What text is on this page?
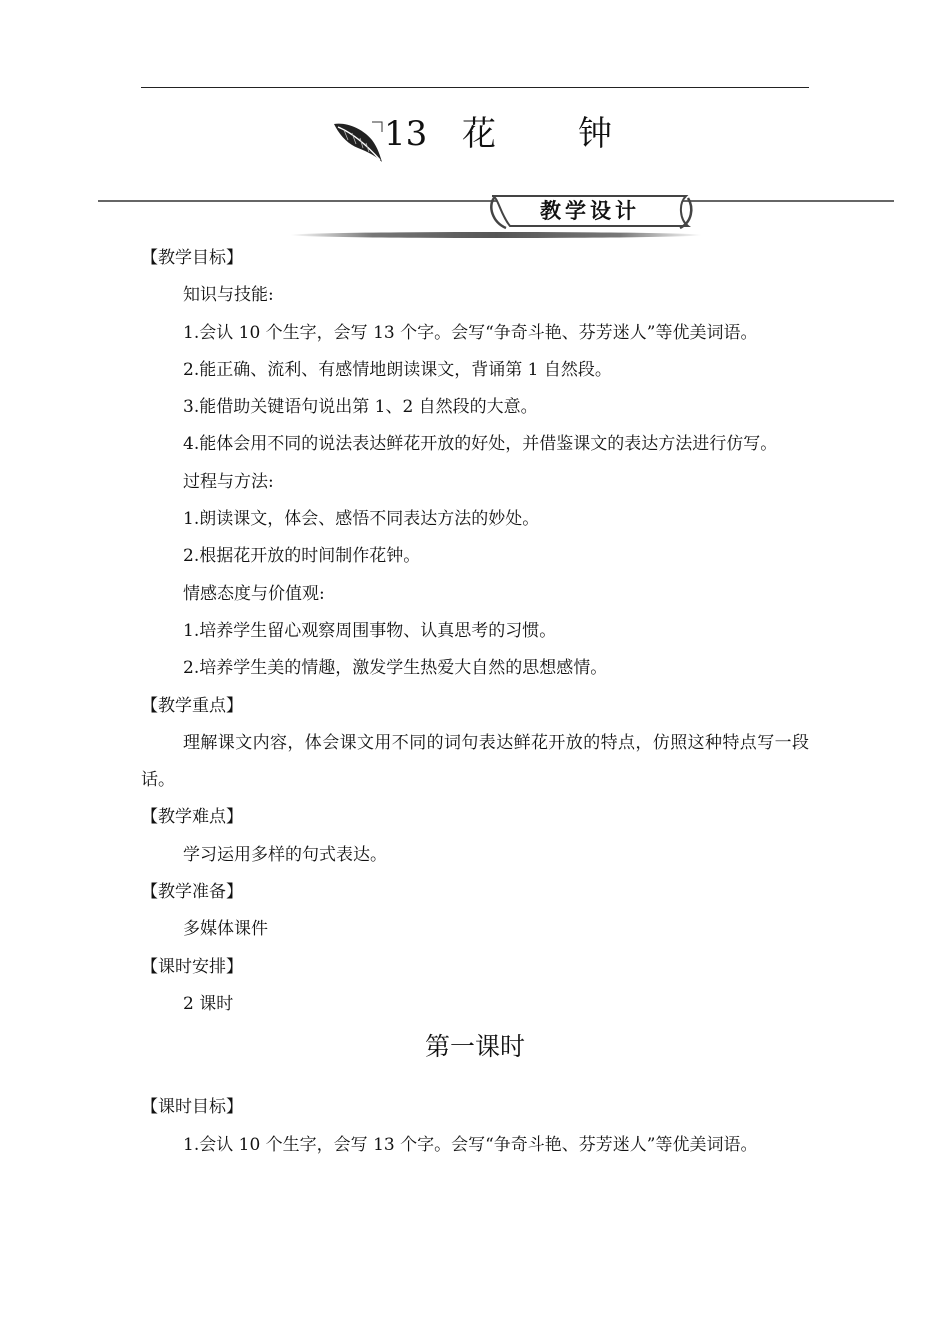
13 花 钟
教学设计
【教学目标】
知识与技能:
1.会认 10 个生字，会写 13 个字。会写“争奇斗艳、芬芳迷人”等优美词语。
2.能正确、流利、有感情地朗读课文，背诵第 1 自然段。
3.能借助关键语句说出第 1、2 自然段的大意。
4.能体会用不同的说法表达鲜花开放的好处，并借鉴课文的表达方法进行仿写。
过程与方法:
1.朗读课文，体会、感悟不同表达方法的妙处。
2.根据花开放的时间制作花钟。
情感态度与价值观:
1.培养学生留心观察周围事物、认真思考的习惯。
2.培养学生美的情趣，激发学生热爱大自然的思想感情。
【教学重点】
理解课文内容，体会课文用不同的词句表达鲜花开放的特点，仿照这种特点写一段话。
【教学难点】
学习运用多样的句式表达。
【教学准备】
多媒体课件
【课时安排】
2 课时
第一课时
【课时目标】
1.会认 10 个生字，会写 13 个字。会写“争奇斗艳、芬芳迷人”等优美词语。
